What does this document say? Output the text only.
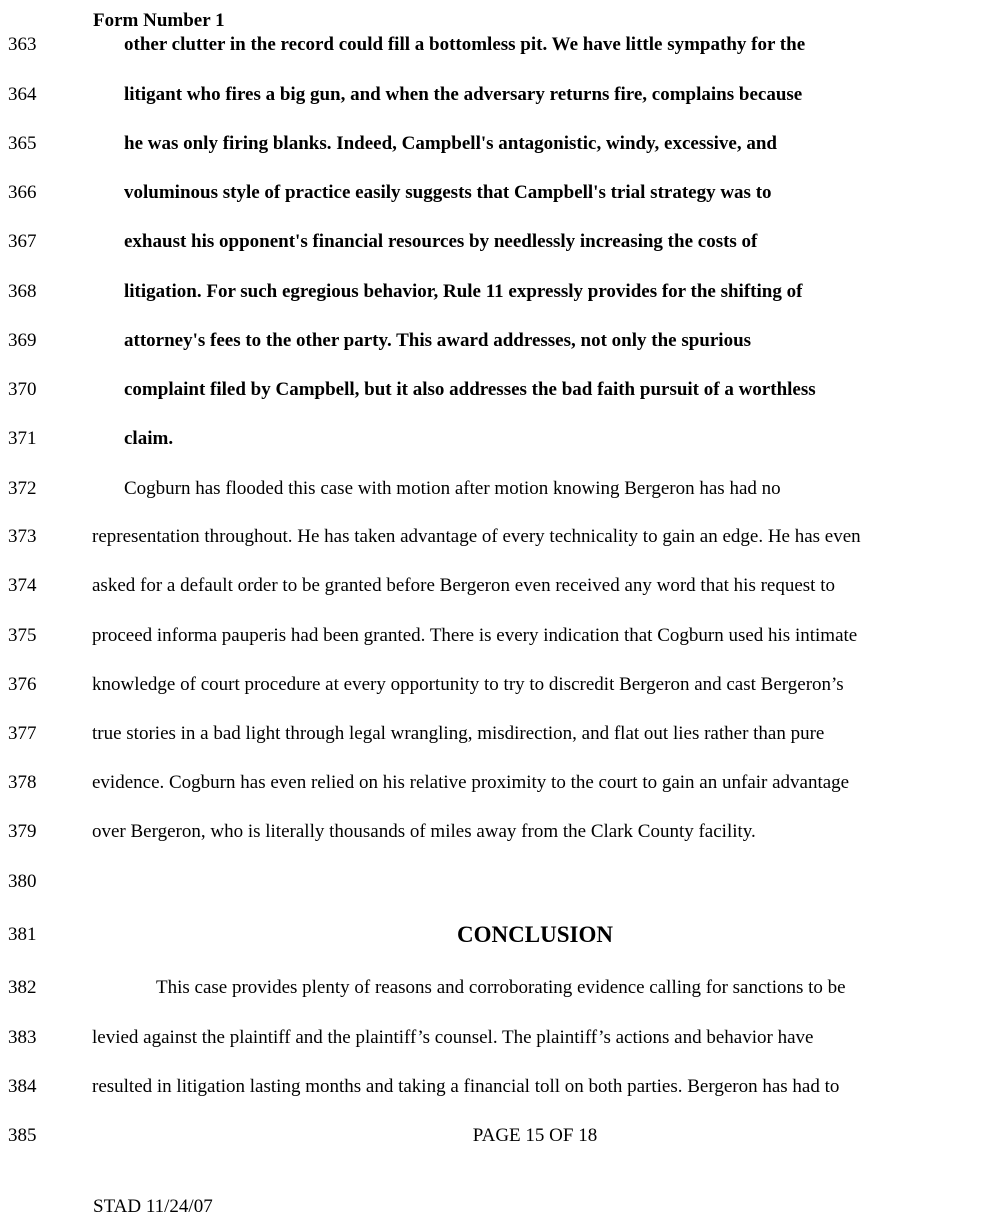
Form Number 1
363	other clutter in the record could fill a bottomless pit. We have little sympathy for the
364	litigant who fires a big gun, and when the adversary returns fire, complains because
365	he was only firing blanks. Indeed, Campbell's antagonistic, windy, excessive, and
366	voluminous style of practice easily suggests that Campbell's trial strategy was to
367	exhaust his opponent's financial resources by needlessly increasing the costs of
368	litigation. For such egregious behavior, Rule 11 expressly provides for the shifting of
369	attorney's fees to the other party. This award addresses, not only the spurious
370	complaint filed by Campbell, but it also addresses the bad faith pursuit of a worthless
371	claim.
372	Cogburn has flooded this case with motion after motion knowing Bergeron has had no
373	representation throughout. He has taken advantage of every technicality to gain an edge. He has even
374	asked for a default order to be granted before Bergeron even received any word that his request to
375	proceed informa pauperis had been granted. There is every indication that Cogburn used his intimate
376	knowledge of court procedure at every opportunity to try to discredit Bergeron and cast Bergeron’s
377	true stories in a bad light through legal wrangling, misdirection, and flat out lies rather than pure
378	evidence. Cogburn has even relied on his relative proximity to the court to gain an unfair advantage
379	over Bergeron, who is literally thousands of miles away from the Clark County facility.
380
381	CONCLUSION
382	This case provides plenty of reasons and corroborating evidence calling for sanctions to be
383	levied against the plaintiff and the plaintiff’s counsel. The plaintiff’s actions and behavior have
384	resulted in litigation lasting months and taking a financial toll on both parties. Bergeron has had to
385	PAGE 15 OF 18
STAD 11/24/07
